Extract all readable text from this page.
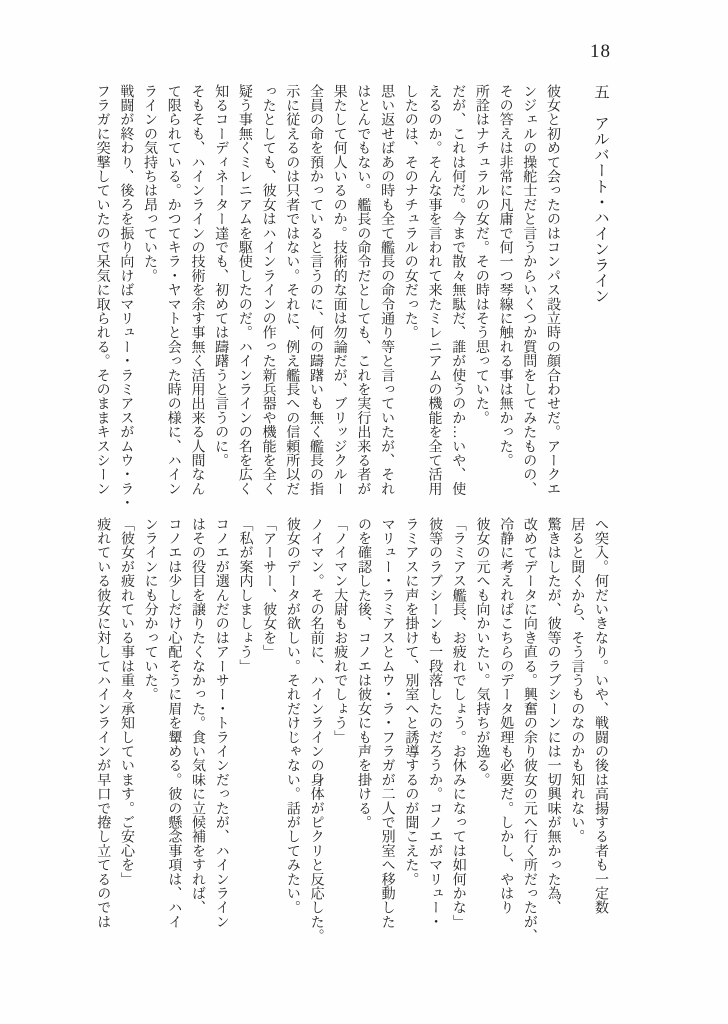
18
五　アルバート・ハインライン
彼女と初めて会ったのはコンパス設立時の顔合わせだ。アークエ
ンジェルの操舵士だと言うからいくつか質問をしてみたものの、
その答えは非常に凡庸で何一つ琴線に触れる事は無かった。
所詮はナチュラルの女だ。その時はそう思っていた。
だが、これは何だ。今まで散々無駄だ、誰が使うのか…いや、使
えるのか。そんな事を言われて来たミレニアムの機能を全て活用
したのは、そのナチュラルの女だった。
思い返せばあの時も全て艦長の命令通り等と言っていたが、それ
はとんでもない。艦長の命令だとしても、これを実行出来る者が
果たして何人いるのか。技術的な面は勿論だが、ブリッジクルー
全員の命を預かっていると言うのに、何の躊躇いも無く艦長の指
示に従えるのは只者ではない。それに、例え艦長への信頼所以だ
ったとしても、彼女はハインラインの作った新兵器や機能を全く
疑う事無くミレニアムを駆使したのだ。ハインラインの名を広く
知るコーディネーター達でも、初めては躊躇うと言うのに。
そもそも、ハインラインの技術を余す事無く活用出来る人間なん
て限られている。かつてキラ・ヤマトと会った時の様に、ハイン
ラインの気持ちは昂っていた。
戦闘が終わり、後ろを振り向けばマリュー・ラミアスがムウ・ラ・
フラガに突撃していたので呆気に取られる。そのままキスシーン
へ突入。何だいきなり。いや、戦闘の後は高揚する者も一定数
居ると聞くから、そう言うものなのかも知れない。
驚きはしたが、彼等のラブシーンには一切興味が無かった為、
改めてデータに向き直る。興奮の余り彼女の元へ行く所だったが、
冷静に考えればこちらのデータ処理も必要だ。しかし、やはり
彼女の元へも向かいたい。気持ちが逸る。
「ラミアス艦長、お疲れでしょう。お休みになっては如何かな」
彼等のラブシーンも一段落したのだろうか。コノエがマリュー・
ラミアスに声を掛けて、別室へと誘導するのが聞こえた。
マリュー・ラミアスとムウ・ラ・フラガが二人で別室へ移動した
のを確認した後、コノエは彼女にも声を掛ける。
「ノイマン大尉もお疲れでしょう」
ノイマン。その名前に、ハインラインの身体がピクリと反応した。
彼女のデータが欲しい。それだけじゃない。話がしてみたい。
「アーサー、彼女を」
「私が案内しましょう」
コノエが選んだのはアーサー・トラインだったが、ハインライン
はその役目を譲りたくなかった。食い気味に立候補をすれば、
コノエは少しだけ心配そうに眉を顰める。彼の懸念事項は、ハイ
ンラインにも分かっていた。
「彼女が疲れている事は重々承知しています。ご安心を」
疲れている彼女に対してハインラインが早口で捲し立てるのでは
